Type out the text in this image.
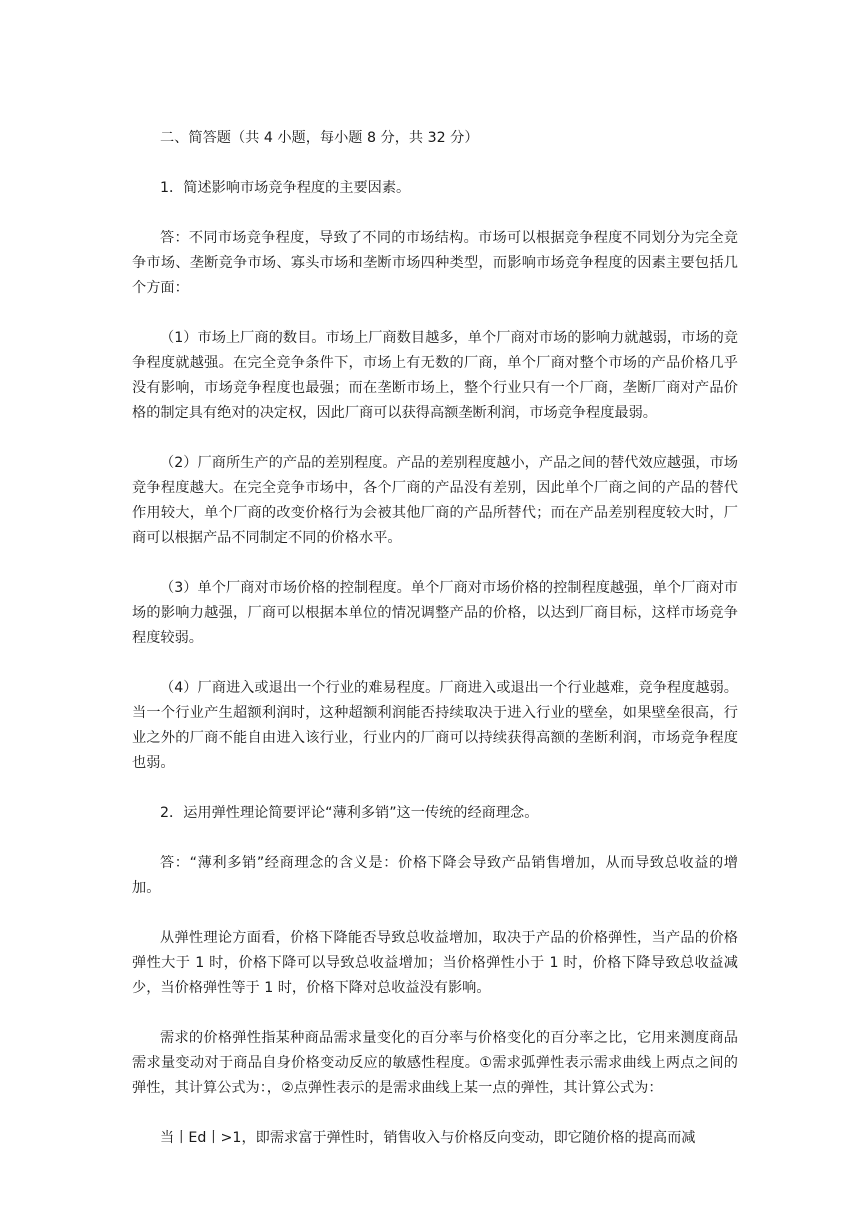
二、简答题（共 4 小题，每小题 8 分，共 32 分）

1．简述影响市场竞争程度的主要因素。

答：不同市场竞争程度，导致了不同的市场结构。市场可以根据竞争程度不同划分为完全竞争市场、垄断竞争市场、寡头市场和垄断市场四种类型，而影响市场竞争程度的因素主要包括几个方面：

（1）市场上厂商的数目。市场上厂商数目越多，单个厂商对市场的影响力就越弱，市场的竞争程度就越强。在完全竞争条件下，市场上有无数的厂商，单个厂商对整个市场的产品价格几乎没有影响，市场竞争程度也最强；而在垄断市场上，整个行业只有一个厂商，垄断厂商对产品价格的制定具有绝对的决定权，因此厂商可以获得高额垄断利润，市场竞争程度最弱。

（2）厂商所生产的产品的差别程度。产品的差别程度越小，产品之间的替代效应越强，市场竞争程度越大。在完全竞争市场中，各个厂商的产品没有差别，因此单个厂商之间的产品的替代作用较大，单个厂商的改变价格行为会被其他厂商的产品所替代；而在产品差别程度较大时，厂商可以根据产品不同制定不同的价格水平。

（3）单个厂商对市场价格的控制程度。单个厂商对市场价格的控制程度越强，单个厂商对市场的影响力越强，厂商可以根据本单位的情况调整产品的价格，以达到厂商目标，这样市场竞争程度较弱。

（4）厂商进入或退出一个行业的难易程度。厂商进入或退出一个行业越难，竞争程度越弱。当一个行业产生超额利润时，这种超额利润能否持续取决于进入行业的壁垒，如果壁垒很高，行业之外的厂商不能自由进入该行业，行业内的厂商可以持续获得高额的垄断利润，市场竞争程度也弱。

2．运用弹性理论简要评论“薄利多销”这一传统的经商理念。

答：“薄利多销”经商理念的含义是：价格下降会导致产品销售增加，从而导致总收益的增加。

从弹性理论方面看，价格下降能否导致总收益增加，取决于产品的价格弹性，当产品的价格弹性大于 1 时，价格下降可以导致总收益增加；当价格弹性小于 1 时，价格下降导致总收益减少，当价格弹性等于 1 时，价格下降对总收益没有影响。

需求的价格弹性指某种商品需求量变化的百分率与价格变化的百分率之比，它用来测度商品需求量变动对于商品自身价格变动反应的敏感性程度。①需求弧弹性表示需求曲线上两点之间的弹性，其计算公式为：，②点弹性表示的是需求曲线上某一点的弹性，其计算公式为：

当丨Ed丨>1，即需求富于弹性时，销售收入与价格反向变动，即它随价格的提高而减
